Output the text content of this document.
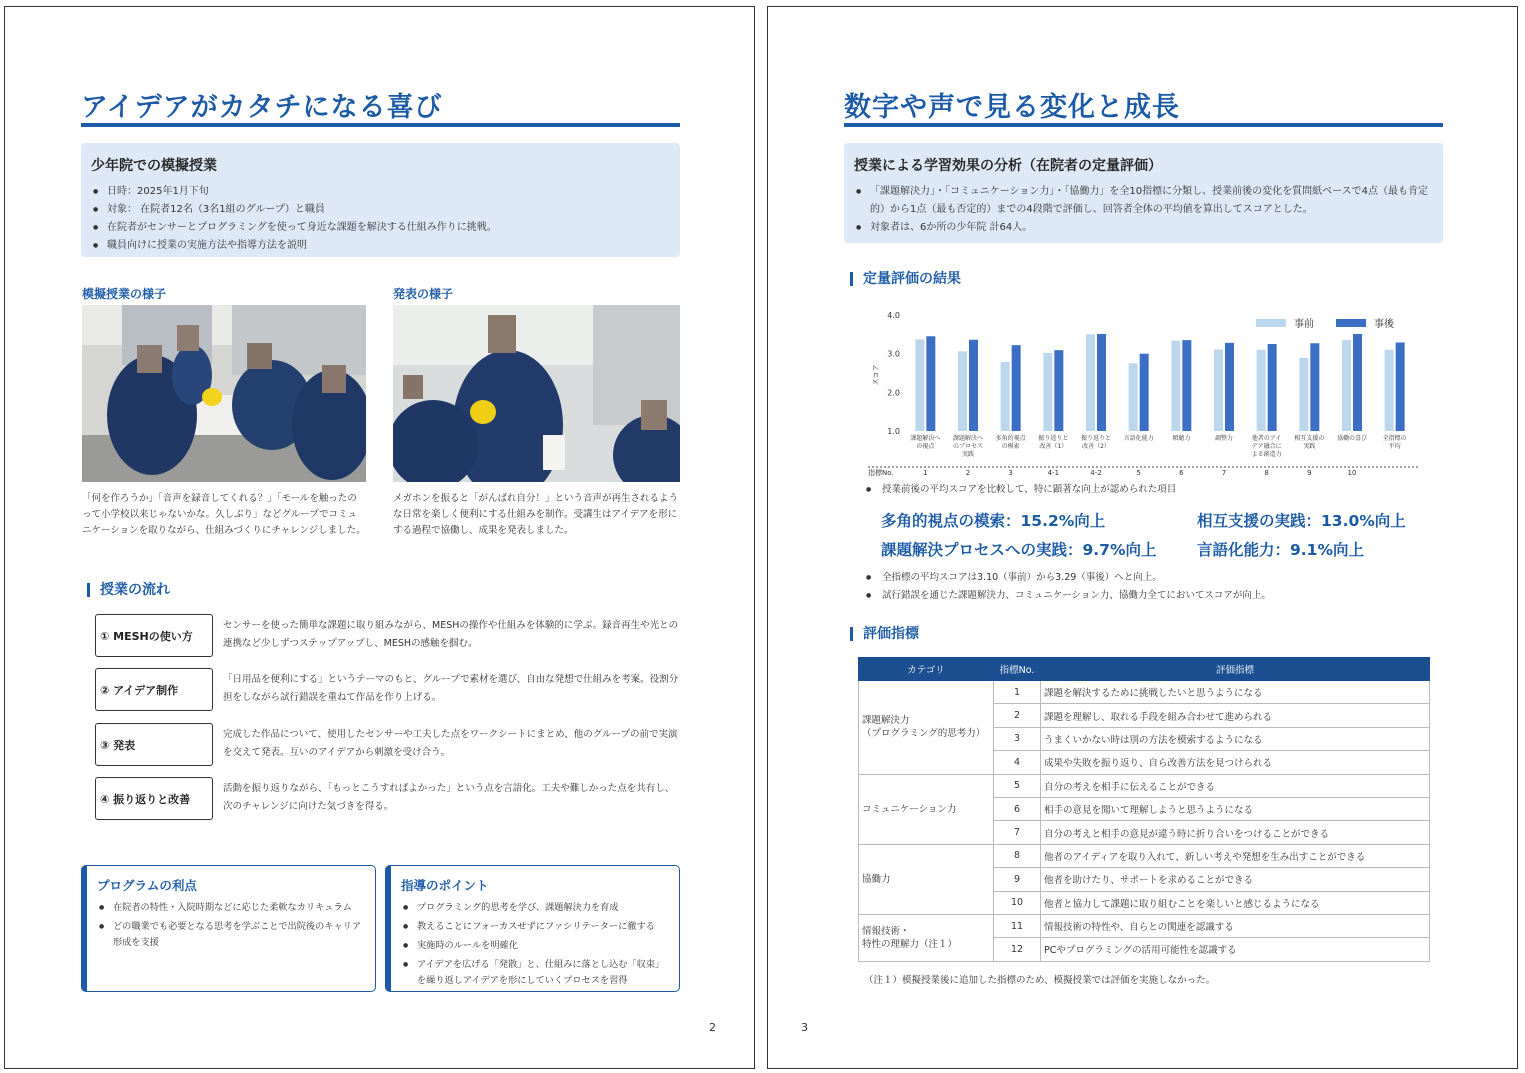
アイデアがカタチになる喜び
少年院での模擬授業
● 日時：2025年1月下旬
● 対象： 在院者12名（3名1組のグループ）と職員
● 在院者がセンサーとプログラミングを使って身近な課題を解決する仕組み作りに挑戦。
● 職員向けに授業の実施方法や指導方法を説明
模擬授業の様子
「何を作ろうか」「音声を録音してくれる？」「モールを触ったのって小学校以来じゃないかな。久しぶり」などグループでコミュニケーションを取りながら、仕組みづくりにチャレンジしました。
発表の様子
メガホンを振ると「がんばれ自分！」という音声が再生されるような日常を楽しく便利にする仕組みを制作。受講生はアイデアを形にする過程で協働し、成果を発表しました。
授業の流れ
① MESHの使い方
センサーを使った簡単な課題に取り組みながら、MESHの操作や仕組みを体験的に学ぶ。録音再生や光との連携など少しずつステップアップし、MESHの感触を掴む。
② アイデア制作
「日用品を便利にする」というテーマのもと、グループで素材を選び、自由な発想で仕組みを考案。役割分担をしながら試行錯誤を重ねて作品を作り上げる。
③ 発表
完成した作品について、使用したセンサーや工夫した点をワークシートにまとめ、他のグループの前で実演を交えて発表。互いのアイデアから刺激を受け合う。
④ 振り返りと改善
活動を振り返りながら、「もっとこうすればよかった」という点を言語化。工夫や難しかった点を共有し、次のチャレンジに向けた気づきを得る。
プログラムの利点
● 在院者の特性・入院時期などに応じた柔軟なカリキュラム
● どの職業でも必要となる思考を学ぶことで出院後のキャリア形成を支援
指導のポイント
● プログラミング的思考を学び、課題解決力を育成
● 教えることにフォーカスせずにファシリテーターに徹する
● 実施時のルールを明確化
● アイデアを広げる「発散」と、仕組みに落とし込む「収束」を繰り返しアイデアを形にしていくプロセスを習得
2
数字や声で見る変化と成長
授業による学習効果の分析（在院者の定量評価）
● 「課題解決力」・「コミュニケーション力」・「協働力」を全10指標に分類し、授業前後の変化を質問紙ベースで4点（最も肯定的）から1点（最も否定的）までの4段階で評価し、回答者全体の平均値を算出してスコアとした。
● 対象者は、6か所の少年院 計64人。
定量評価の結果
1.0
2.0
3.0
4.0
スコア
課題解決へ
の視点
1
課題解決へ
のプロセス
実践
2
多角的視点
の模索
3
振り返りと
改善（1）
4-1
振り返りと
改善（2）
4-2
言語化能力
5
傾聴力
6
調整力
7
他者のアイ
デア融合に
よる創造力
8
相互支援の
実践
9
協働の喜び
10
全指標の
平均
指標No.
事前	事後
● 授業前後の平均スコアを比較して、特に顕著な向上が認められた項目
多角的視点の模索：15.2%向上	相互支援の実践：13.0%向上
課題解決プロセスへの実践：9.7%向上	言語化能力：9.1%向上
● 全指標の平均スコアは3.10（事前）から3.29（事後）へと向上。
● 試行錯誤を通じた課題解決力、コミュニケーション力、協働力全てにおいてスコアが向上。
評価指標
カテゴリ	指標No.	評価指標
課題解決力
（プログラミング的思考力）	1	課題を解決するために挑戦したいと思うようになる
	2	課題を理解し、取れる手段を組み合わせて進められる
	3	うまくいかない時は別の方法を模索するようになる
	4	成果や失敗を振り返り、自ら改善方法を見つけられる
コミュニケーション力	5	自分の考えを相手に伝えることができる
	6	相手の意見を聞いて理解しようと思うようになる
	7	自分の考えと相手の意見が違う時に折り合いをつけることができる
協働力	8	他者のアイディアを取り入れて、新しい考えや発想を生み出すことができる
	9	他者を助けたり、サポートを求めることができる
	10	他者と協力して課題に取り組むことを楽しいと感じるようになる
情報技術・
特性の理解力（注１）	11	情報技術の特性や、自らとの関連を認識する
	12	PCやプログラミングの活用可能性を認識する
（注１）模擬授業後に追加した指標のため、模擬授業では評価を実施しなかった。
3
